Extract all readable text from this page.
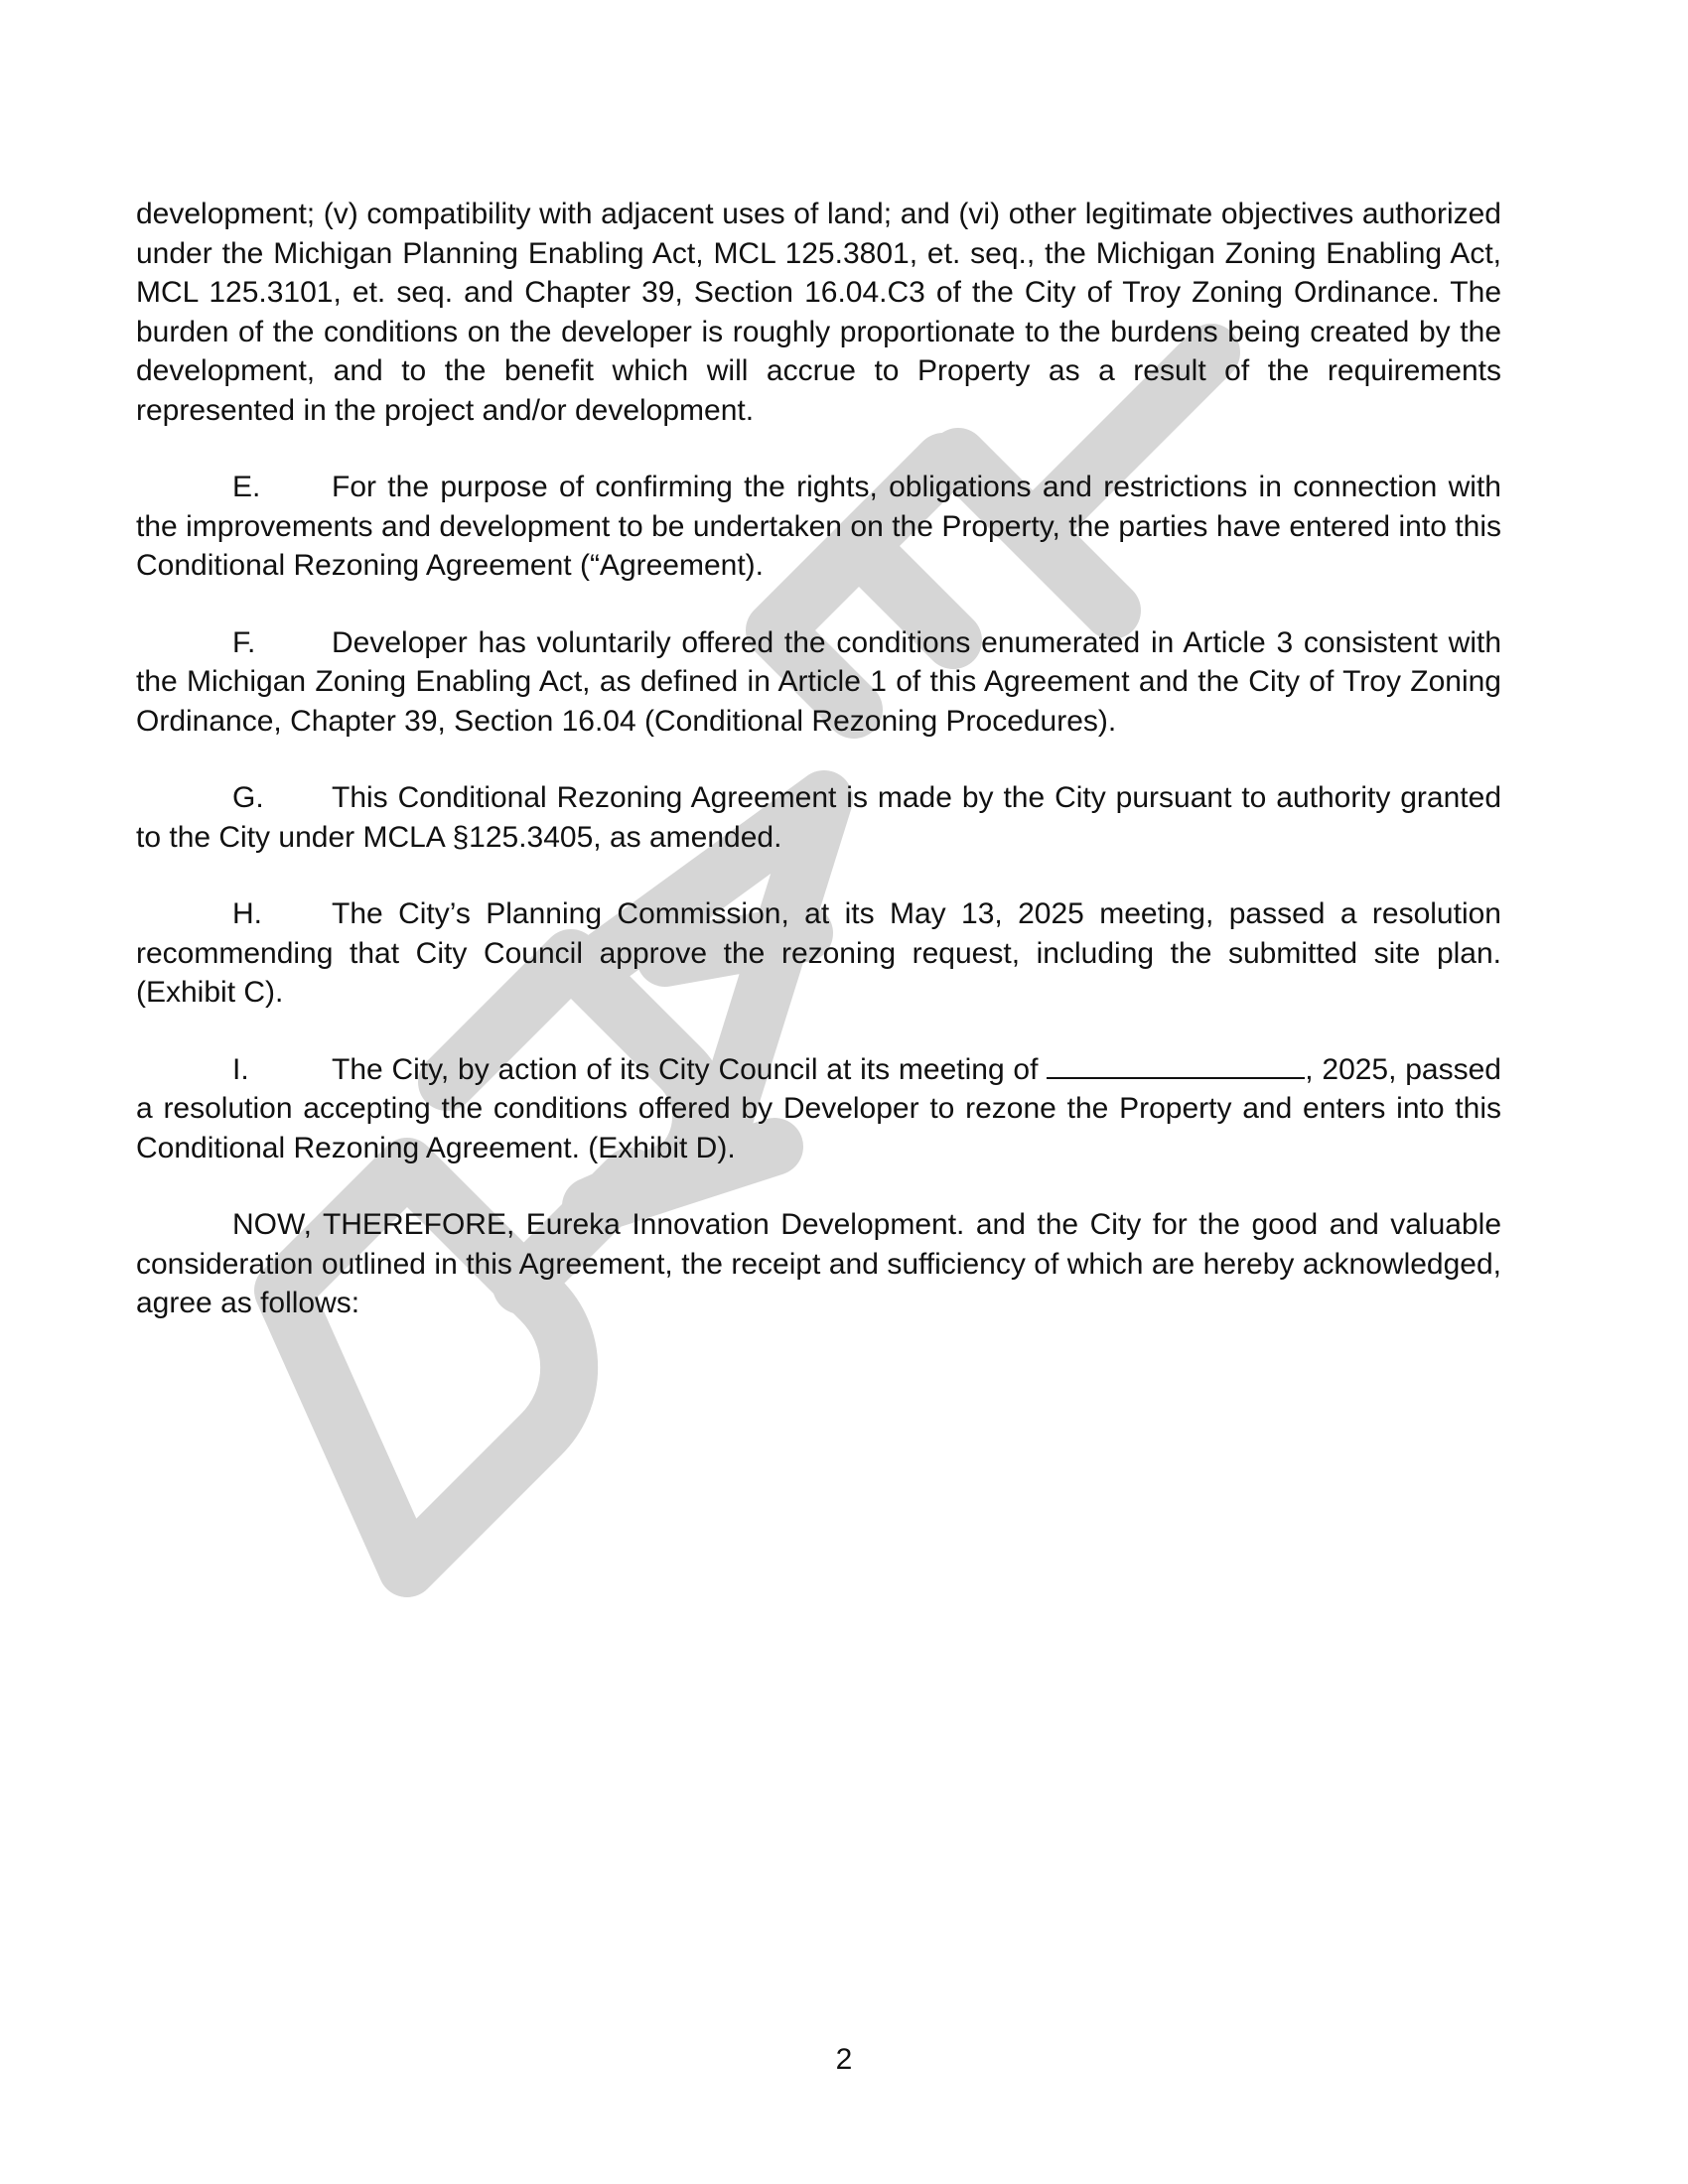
development; (v) compatibility with adjacent uses of land; and (vi) other legitimate objectives authorized under the Michigan Planning Enabling Act, MCL 125.3801, et. seq., the Michigan Zoning Enabling Act, MCL 125.3101, et. seq. and Chapter 39, Section 16.04.C3 of the City of Troy Zoning Ordinance. The burden of the conditions on the developer is roughly proportionate to the burdens being created by the development, and to the benefit which will accrue to Property as a result of the requirements represented in the project and/or development.

E. For the purpose of confirming the rights, obligations and restrictions in connection with the improvements and development to be undertaken on the Property, the parties have entered into this Conditional Rezoning Agreement (“Agreement).

F.	Developer has voluntarily offered the conditions enumerated in Article 3 consistent with the Michigan Zoning Enabling Act, as defined in Article 1 of this Agreement and the City of Troy Zoning Ordinance, Chapter 39, Section 16.04 (Conditional Rezoning Procedures).

G. This Conditional Rezoning Agreement is made by the City pursuant to authority granted to the City under MCLA §125.3405, as amended.

H. The City’s Planning Commission, at its May 13, 2025 meeting, passed a resolution recommending that City Council approve the rezoning request, including the submitted site plan. (Exhibit C).

I.	The City, by action of its City Council at its meeting of	, 2025, passed a resolution accepting the conditions offered by Developer to rezone the Property and enters into this Conditional Rezoning Agreement. (Exhibit D).

NOW, THEREFORE, Eureka Innovation Development. and the City for the good and valuable consideration outlined in this Agreement, the receipt and sufficiency of which are hereby acknowledged, agree as follows:

2
